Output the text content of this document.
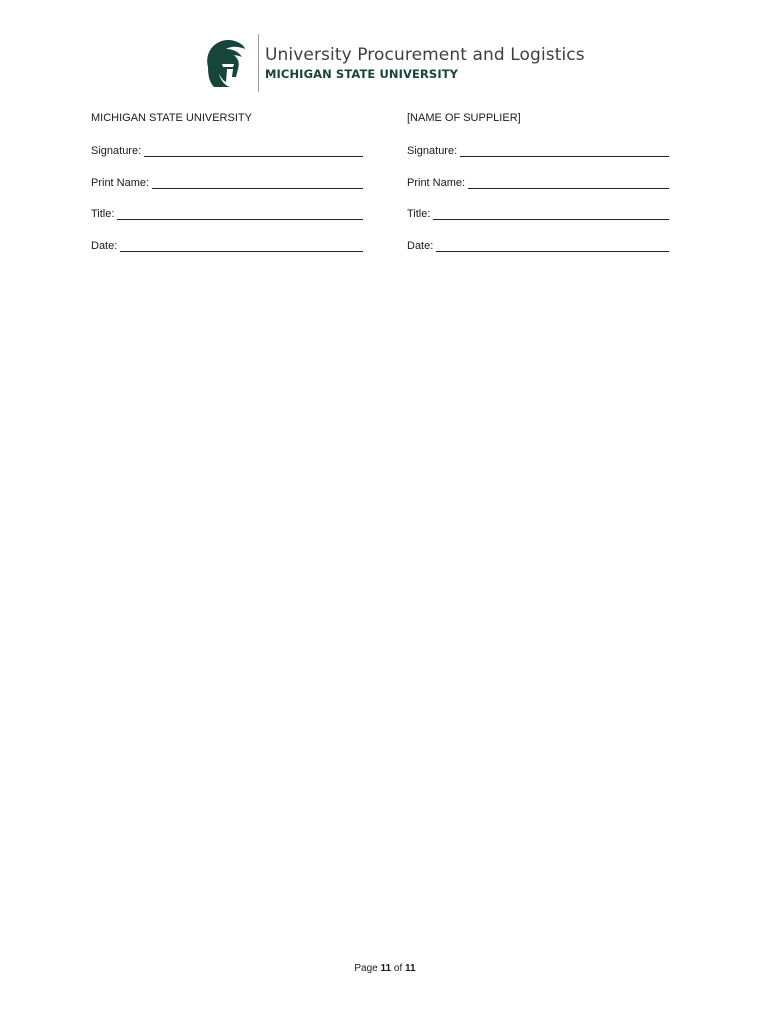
University Procurement and Logistics
MICHIGAN STATE UNIVERSITY
MICHIGAN STATE UNIVERSITY
Signature:
Print Name:
Title:
Date:
[NAME OF SUPPLIER]
Signature:
Print Name:
Title:
Date:
Page 11 of 11
